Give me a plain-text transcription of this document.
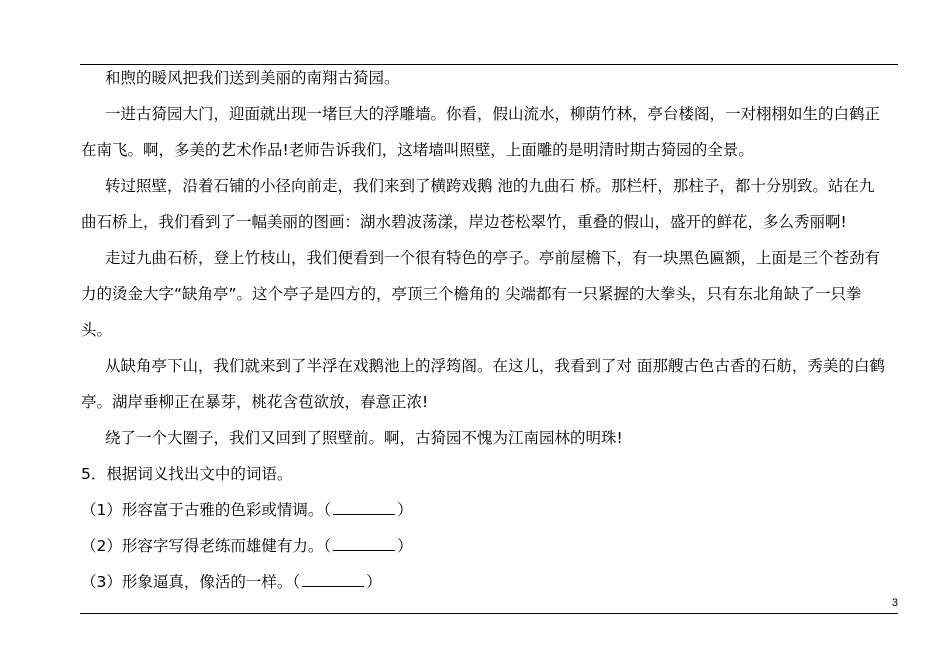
和煦的暖风把我们送到美丽的南翔古猗园。
一进古猗园大门，迎面就出现一堵巨大的浮雕墙。你看，假山流水，柳荫竹林，亭台楼阁，一对栩栩如生的白鹤正
在南飞。啊，多美的艺术作品!老师告诉我们，这堵墙叫照壁，上面雕的是明清时期古猗园的全景。
转过照壁，沿着石铺的小径向前走，我们来到了横跨戏鹅 池的九曲石 桥。那栏杆，那柱子，都十分别致。站在九
曲石桥上，我们看到了一幅美丽的图画：湖水碧波荡漾，岸边苍松翠竹，重叠的假山，盛开的鲜花，多么秀丽啊!
走过九曲石桥，登上竹枝山，我们便看到一个很有特色的亭子。亭前屋檐下，有一块黑色匾额，上面是三个苍劲有
力的烫金大字“缺角亭”。这个亭子是四方的，亭顶三个檐角的 尖端都有一只紧握的大拳头，只有东北角缺了一只拳
头。
从缺角亭下山，我们就来到了半浮在戏鹅池上的浮筠阁。在这儿，我看到了对 面那艘古色古香的石舫，秀美的白鹤
亭。湖岸垂柳正在暴芽，桃花含苞欲放，春意正浓!
绕了一个大圈子，我们又回到了照壁前。啊，古猗园不愧为江南园林的明珠!
5．根据词义找出文中的词语。
（1）形容富于古雅的色彩或情调。（	）
（2）形容字写得老练而雄健有力。（	）
（3）形象逼真，像活的一样。（	）
3
